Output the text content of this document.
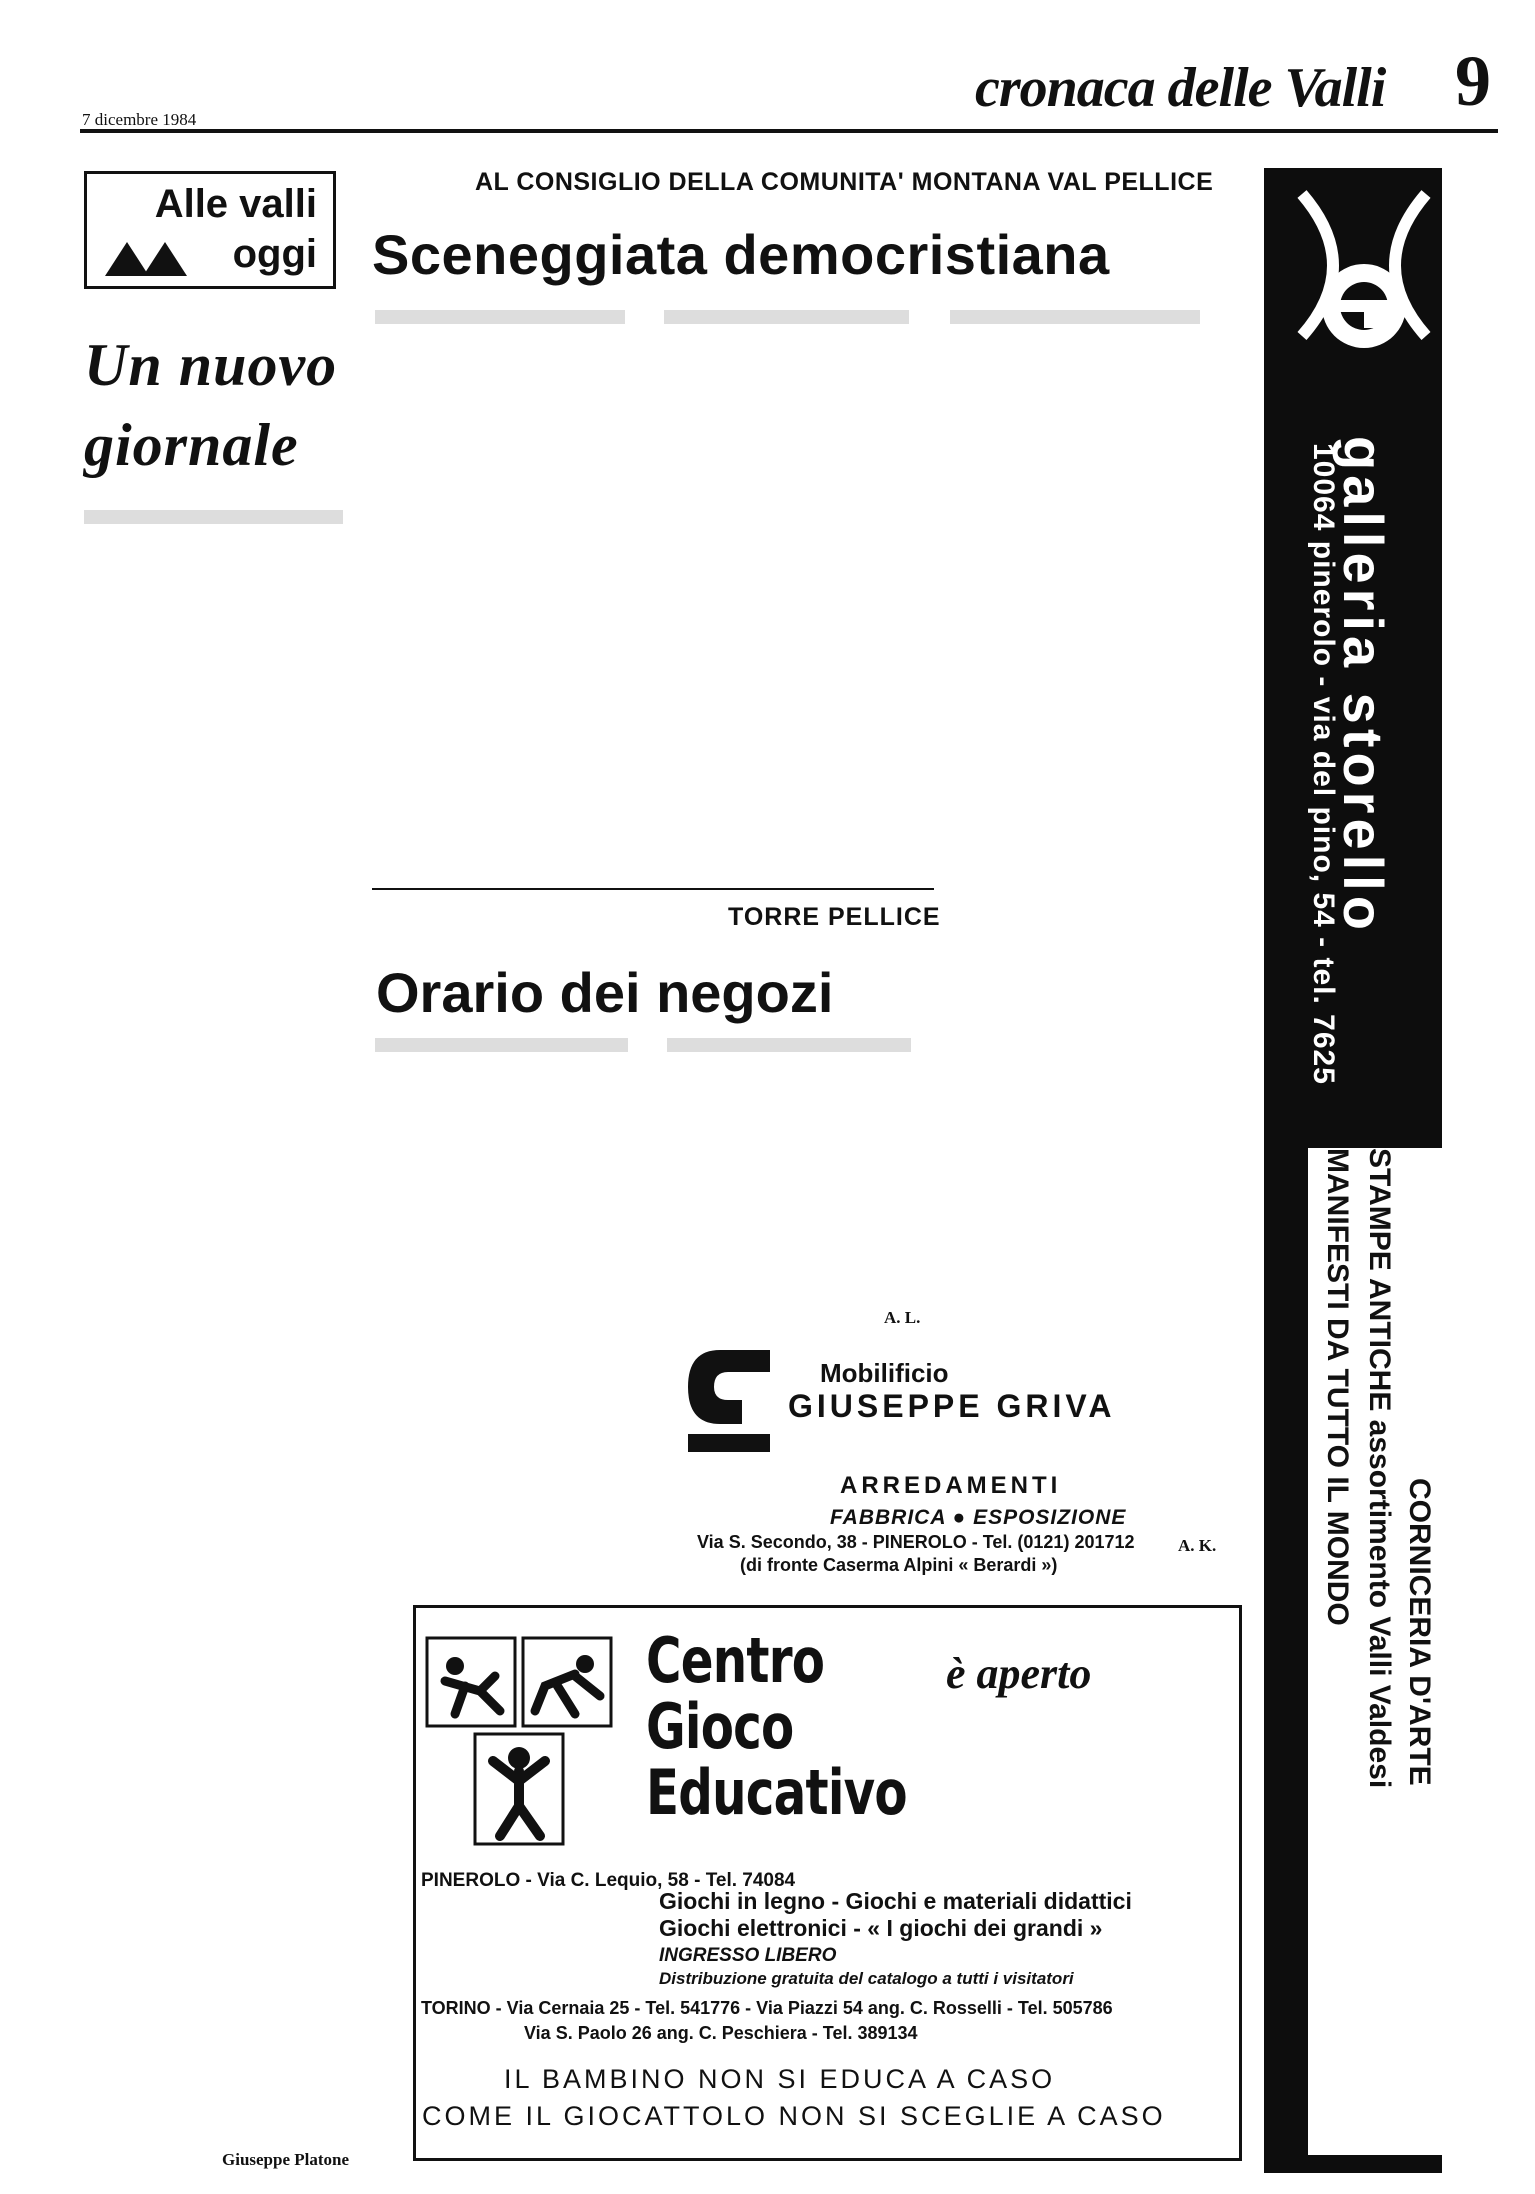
7 dicembre 1984
cronaca delle Valli 9
Alle valli
oggi
Un nuovo giornale
Giuseppe Platone
AL CONSIGLIO DELLA COMUNITA' MONTANA VAL PELLICE
Sceneggiata democristiana
A. K.
TORRE PELLICE
Orario dei negozi
A. L.
Mobilificio
GIUSEPPE GRIVA
ARREDAMENTI
FABBRICA ● ESPOSIZIONE
Via S. Secondo, 38 - PINEROLO - Tel. (0121) 201712
(di fronte Caserma Alpini « Berardi »)
Centro
Gioco
Educativo
è aperto
PINEROLO - Via C. Lequio, 58 - Tel. 74084
Giochi in legno - Giochi e materiali didattici
Giochi elettronici - « I giochi dei grandi »
INGRESSO LIBERO
Distribuzione gratuita del catalogo a tutti i visitatori
TORINO - Via Cernaia 25 - Tel. 541776 - Via Piazzi 54 ang. C. Rosselli - Tel. 505786
Via S. Paolo 26 ang. C. Peschiera - Tel. 389134
IL BAMBINO NON SI EDUCA A CASO
COME IL GIOCATTOLO NON SI SCEGLIE A CASO
galleria storello
10064 pinerolo - via del pino, 54 - tel. 7625
CORNICERIA D'ARTE
STAMPE ANTICHE assortimento Valli Valdesi
MANIFESTI DA TUTTO IL MONDO
